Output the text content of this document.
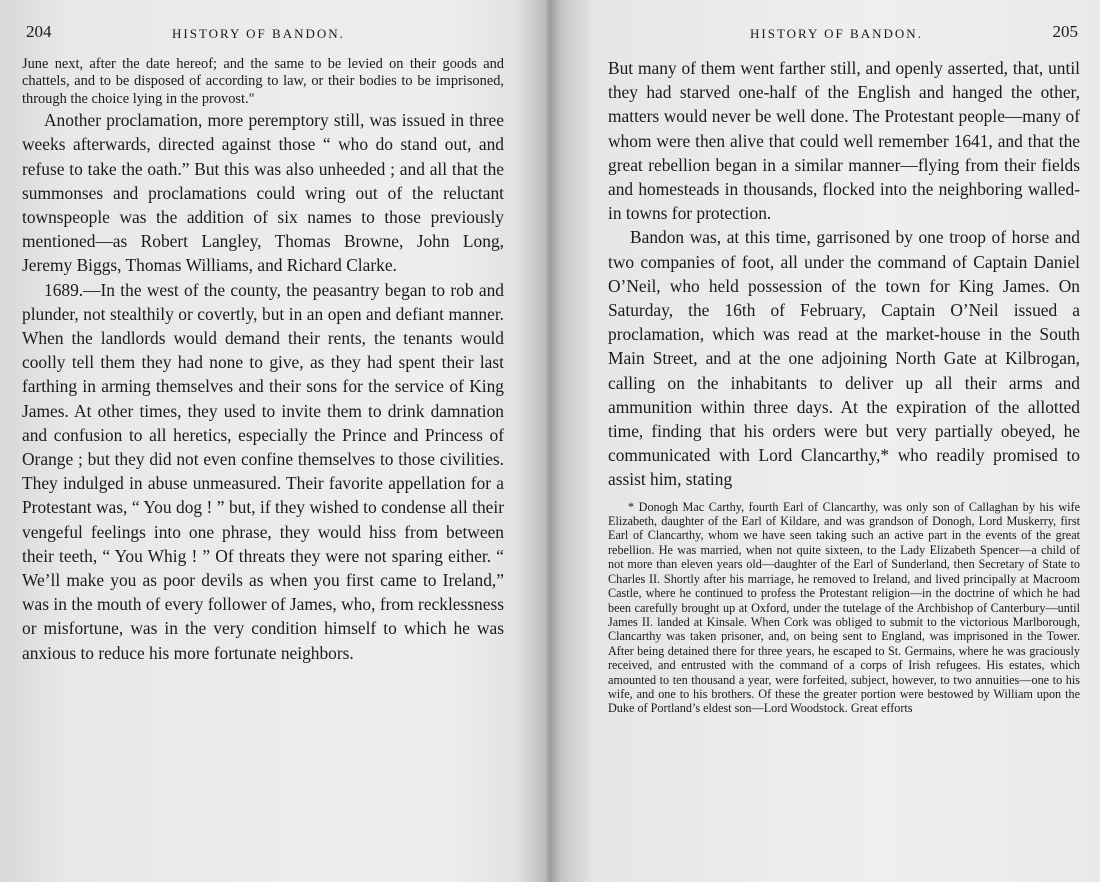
204	HISTORY OF BANDON.

June next, after the date hereof; and the same to be levied on their goods and chattels, and to be disposed of according to law, or their bodies to be imprisoned, through the choice lying in the provost."

Another proclamation, more peremptory still, was issued in three weeks afterwards, directed against those “ who do stand out, and refuse to take the oath.” But this was also unheeded ; and all that the summonses and proclamations could wring out of the reluctant townspeople was the addition of six names to those previously mentioned—as Robert Langley, Thomas Browne, John Long, Jeremy Biggs, Thomas Williams, and Richard Clarke.

1689.—In the west of the county, the peasantry began to rob and plunder, not stealthily or covertly, but in an open and defiant manner. When the landlords would demand their rents, the tenants would coolly tell them they had none to give, as they had spent their last farthing in arming themselves and their sons for the service of King James. At other times, they used to invite them to drink damnation and confusion to all heretics, especially the Prince and Princess of Orange ; but they did not even confine themselves to those civilities. They indulged in abuse unmeasured. Their favorite appellation for a Protestant was, “ You dog ! ” but, if they wished to condense all their vengeful feelings into one phrase, they would hiss from between their teeth, “ You Whig ! ” Of threats they were not sparing either. “ We’ll make you as poor devils as when you first came to Ireland,” was in the mouth of every follower of James, who, from recklessness or misfortune, was in the very condition himself to which he was anxious to reduce his more fortunate neighbors.

HISTORY OF BANDON.	205

But many of them went farther still, and openly asserted, that, until they had starved one-half of the English and hanged the other, matters would never be well done. The Protestant people—many of whom were then alive that could well remember 1641, and that the great rebellion began in a similar manner—flying from their fields and homesteads in thousands, flocked into the neighboring walled-in towns for protection.

Bandon was, at this time, garrisoned by one troop of horse and two companies of foot, all under the command of Captain Daniel O’Neil, who held possession of the town for King James. On Saturday, the 16th of February, Captain O’Neil issued a proclamation, which was read at the market-house in the South Main Street, and at the one adjoining North Gate at Kilbrogan, calling on the inhabitants to deliver up all their arms and ammunition within three days. At the expiration of the allotted time, finding that his orders were but very partially obeyed, he communicated with Lord Clancarthy,* who readily promised to assist him, stating

* Donogh Mac Carthy, fourth Earl of Clancarthy, was only son of Callaghan by his wife Elizabeth, daughter of the Earl of Kildare, and was grandson of Donogh, Lord Muskerry, first Earl of Clancarthy, whom we have seen taking such an active part in the events of the great rebellion. He was married, when not quite sixteen, to the Lady Elizabeth Spencer—a child of not more than eleven years old—daughter of the Earl of Sunderland, then Secretary of State to Charles II. Shortly after his marriage, he removed to Ireland, and lived principally at Macroom Castle, where he continued to profess the Protestant religion—in the doctrine of which he had been carefully brought up at Oxford, under the tutelage of the Archbishop of Canterbury—until James II. landed at Kinsale. When Cork was obliged to submit to the victorious Marlborough, Clancarthy was taken prisoner, and, on being sent to England, was imprisoned in the Tower. After being detained there for three years, he escaped to St. Germains, where he was graciously received, and entrusted with the command of a corps of Irish refugees. His estates, which amounted to ten thousand a year, were forfeited, subject, however, to two annuities—one to his wife, and one to his brothers. Of these the greater portion were bestowed by William upon the Duke of Portland’s eldest son—Lord Woodstock. Great efforts
